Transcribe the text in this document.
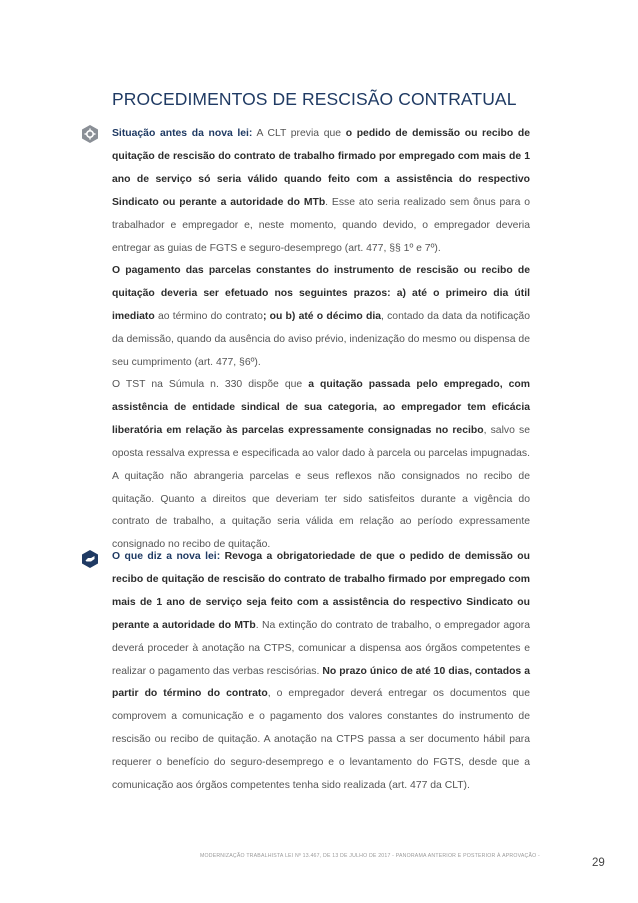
PROCEDIMENTOS DE RESCISÃO CONTRATUAL

Situação antes da nova lei: A CLT previa que o pedido de demissão ou recibo de quitação de rescisão do contrato de trabalho firmado por empregado com mais de 1 ano de serviço só seria válido quando feito com a assistência do respectivo Sindicato ou perante a autoridade do MTb. Esse ato seria realizado sem ônus para o trabalhador e empregador e, neste momento, quando devido, o empregador deveria entregar as guias de FGTS e seguro-desemprego (art. 477, §§ 1º e 7º).

O pagamento das parcelas constantes do instrumento de rescisão ou recibo de quitação deveria ser efetuado nos seguintes prazos: a) até o primeiro dia útil imediato ao término do contrato; ou b) até o décimo dia, contado da data da notificação da demissão, quando da ausência do aviso prévio, indenização do mesmo ou dispensa de seu cumprimento (art. 477, §6º).

O TST na Súmula n. 330 dispõe que a quitação passada pelo empregado, com assistência de entidade sindical de sua categoria, ao empregador tem eficácia liberatória em relação às parcelas expressamente consignadas no recibo, salvo se oposta ressalva expressa e especificada ao valor dado à parcela ou parcelas impugnadas. A quitação não abrangeria parcelas e seus reflexos não consignados no recibo de quitação. Quanto a direitos que deveriam ter sido satisfeitos durante a vigência do contrato de trabalho, a quitação seria válida em relação ao período expressamente consignado no recibo de quitação.

O que diz a nova lei: Revoga a obrigatoriedade de que o pedido de demissão ou recibo de quitação de rescisão do contrato de trabalho firmado por empregado com mais de 1 ano de serviço seja feito com a assistência do respectivo Sindicato ou perante a autoridade do MTb. Na extinção do contrato de trabalho, o empregador agora deverá proceder à anotação na CTPS, comunicar a dispensa aos órgãos competentes e realizar o pagamento das verbas rescisórias. No prazo único de até 10 dias, contados a partir do término do contrato, o empregador deverá entregar os documentos que comprovem a comunicação e o pagamento dos valores constantes do instrumento de rescisão ou recibo de quitação. A anotação na CTPS passa a ser documento hábil para requerer o benefício do seguro-desemprego e o levantamento do FGTS, desde que a comunicação aos órgãos competentes tenha sido realizada (art. 477 da CLT).

MODERNIZAÇÃO TRABALHISTA LEI Nº 13.467, DE 13 DE JULHO DE 2017 - PANORAMA ANTERIOR E POSTERIOR À APROVAÇÃO -
29
